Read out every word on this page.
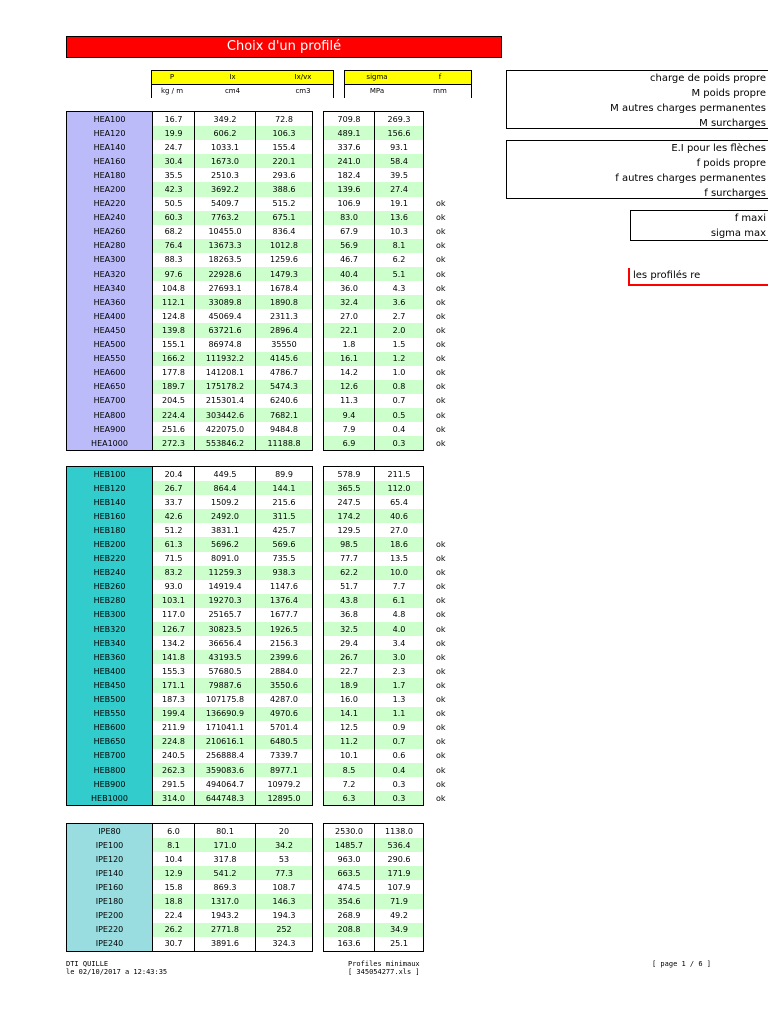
Choix d'un profilé
P	Ix	Ix/vx
kg / m	cm4	cm3
sigma	f
MPa	mm
charge de poids propre
M poids propre
M autres charges permanentes
M surcharges
E.I pour les flèches
f poids propre
f autres charges permanentes
f surcharges
f maxi
sigma max
les profilés re
HEA100	16.7	349.2	72.8		709.8	269.3	
HEA120	19.9	606.2	106.3		489.1	156.6	
HEA140	24.7	1033.1	155.4		337.6	93.1	
HEA160	30.4	1673.0	220.1		241.0	58.4	
HEA180	35.5	2510.3	293.6		182.4	39.5	
HEA200	42.3	3692.2	388.6		139.6	27.4	
HEA220	50.5	5409.7	515.2		106.9	19.1	ok
HEA240	60.3	7763.2	675.1		83.0	13.6	ok
HEA260	68.2	10455.0	836.4		67.9	10.3	ok
HEA280	76.4	13673.3	1012.8		56.9	8.1	ok
HEA300	88.3	18263.5	1259.6		46.7	6.2	ok
HEA320	97.6	22928.6	1479.3		40.4	5.1	ok
HEA340	104.8	27693.1	1678.4		36.0	4.3	ok
HEA360	112.1	33089.8	1890.8		32.4	3.6	ok
HEA400	124.8	45069.4	2311.3		27.0	2.7	ok
HEA450	139.8	63721.6	2896.4		22.1	2.0	ok
HEA500	155.1	86974.8	35550		1.8	1.5	ok
HEA550	166.2	111932.2	4145.6		16.1	1.2	ok
HEA600	177.8	141208.1	4786.7		14.2	1.0	ok
HEA650	189.7	175178.2	5474.3		12.6	0.8	ok
HEA700	204.5	215301.4	6240.6		11.3	0.7	ok
HEA800	224.4	303442.6	7682.1		9.4	0.5	ok
HEA900	251.6	422075.0	9484.8		7.9	0.4	ok
HEA1000	272.3	553846.2	11188.8		6.9	0.3	ok
HEB100	20.4	449.5	89.9		578.9	211.5	
HEB120	26.7	864.4	144.1		365.5	112.0	
HEB140	33.7	1509.2	215.6		247.5	65.4	
HEB160	42.6	2492.0	311.5		174.2	40.6	
HEB180	51.2	3831.1	425.7		129.5	27.0	
HEB200	61.3	5696.2	569.6		98.5	18.6	ok
HEB220	71.5	8091.0	735.5		77.7	13.5	ok
HEB240	83.2	11259.3	938.3		62.2	10.0	ok
HEB260	93.0	14919.4	1147.6		51.7	7.7	ok
HEB280	103.1	19270.3	1376.4		43.8	6.1	ok
HEB300	117.0	25165.7	1677.7		36.8	4.8	ok
HEB320	126.7	30823.5	1926.5		32.5	4.0	ok
HEB340	134.2	36656.4	2156.3		29.4	3.4	ok
HEB360	141.8	43193.5	2399.6		26.7	3.0	ok
HEB400	155.3	57680.5	2884.0		22.7	2.3	ok
HEB450	171.1	79887.6	3550.6		18.9	1.7	ok
HEB500	187.3	107175.8	4287.0		16.0	1.3	ok
HEB550	199.4	136690.9	4970.6		14.1	1.1	ok
HEB600	211.9	171041.1	5701.4		12.5	0.9	ok
HEB650	224.8	210616.1	6480.5		11.2	0.7	ok
HEB700	240.5	256888.4	7339.7		10.1	0.6	ok
HEB800	262.3	359083.6	8977.1		8.5	0.4	ok
HEB900	291.5	494064.7	10979.2		7.2	0.3	ok
HEB1000	314.0	644748.3	12895.0		6.3	0.3	ok
IPE80	6.0	80.1	20		2530.0	1138.0	
IPE100	8.1	171.0	34.2		1485.7	536.4	
IPE120	10.4	317.8	53		963.0	290.6	
IPE140	12.9	541.2	77.3		663.5	171.9	
IPE160	15.8	869.3	108.7		474.5	107.9	
IPE180	18.8	1317.0	146.3		354.6	71.9	
IPE200	22.4	1943.2	194.3		268.9	49.2	
IPE220	26.2	2771.8	252		208.8	34.9	
IPE240	30.7	3891.6	324.3		163.6	25.1	
DTI QUILLE
le 02/10/2017 a 12:43:35
Profiles minimaux
[ 345054277.xls ]
[ page 1 / 6 ]
